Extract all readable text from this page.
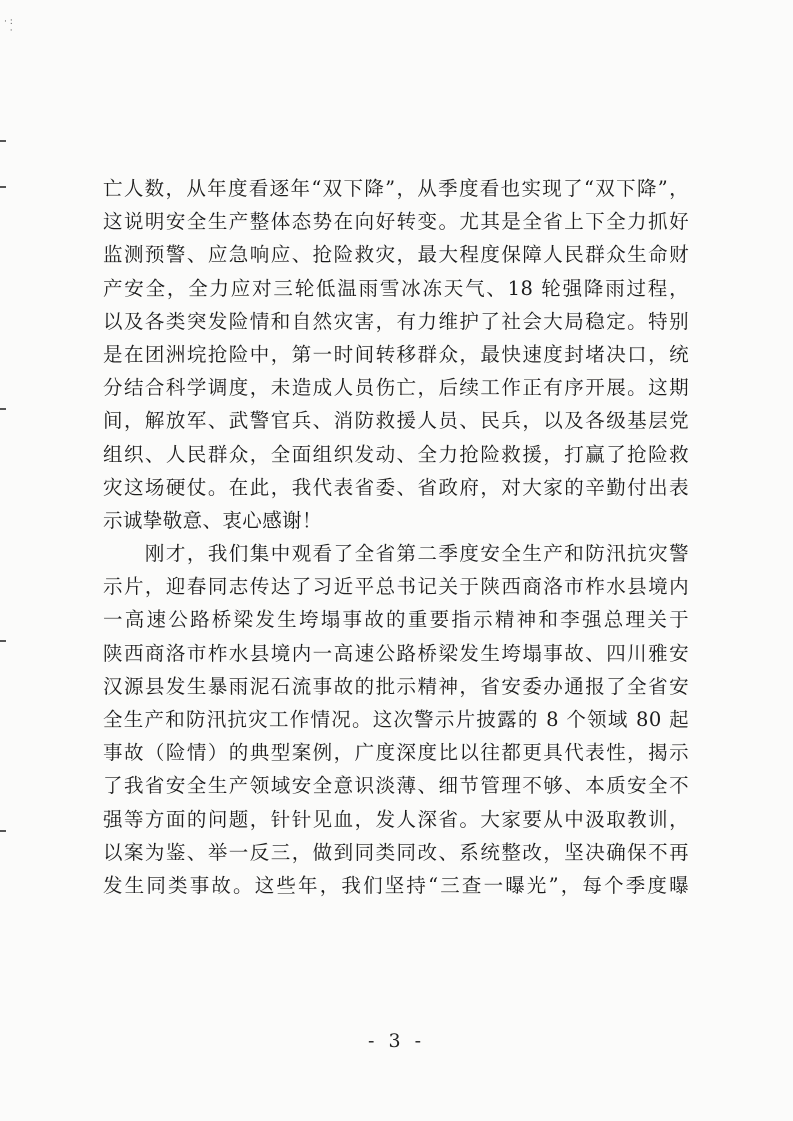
· :
·
亡人数，从年度看逐年“双下降”，从季度看也实现了“双下降”，
这说明安全生产整体态势在向好转变。尤其是全省上下全力抓好
监测预警、应急响应、抢险救灾，最大程度保障人民群众生命财
产安全，全力应对三轮低温雨雪冰冻天气、18 轮强降雨过程，
以及各类突发险情和自然灾害，有力维护了社会大局稳定。特别
是在团洲垸抢险中，第一时间转移群众，最快速度封堵决口，统
分结合科学调度，未造成人员伤亡，后续工作正有序开展。这期
间，解放军、武警官兵、消防救援人员、民兵，以及各级基层党
组织、人民群众，全面组织发动、全力抢险救援，打赢了抢险救
灾这场硬仗。在此，我代表省委、省政府，对大家的辛勤付出表
示诚挚敬意、衷心感谢！
　　刚才，我们集中观看了全省第二季度安全生产和防汛抗灾警
示片，迎春同志传达了习近平总书记关于陕西商洛市柞水县境内
一高速公路桥梁发生垮塌事故的重要指示精神和李强总理关于
陕西商洛市柞水县境内一高速公路桥梁发生垮塌事故、四川雅安
汉源县发生暴雨泥石流事故的批示精神，省安委办通报了全省安
全生产和防汛抗灾工作情况。这次警示片披露的 8 个领域 80 起
事故（险情）的典型案例，广度深度比以往都更具代表性，揭示
了我省安全生产领域安全意识淡薄、细节管理不够、本质安全不
强等方面的问题，针针见血，发人深省。大家要从中汲取教训，
以案为鉴、举一反三，做到同类同改、系统整改，坚决确保不再
发生同类事故。这些年，我们坚持“三查一曝光”，每个季度曝
- 3 -
